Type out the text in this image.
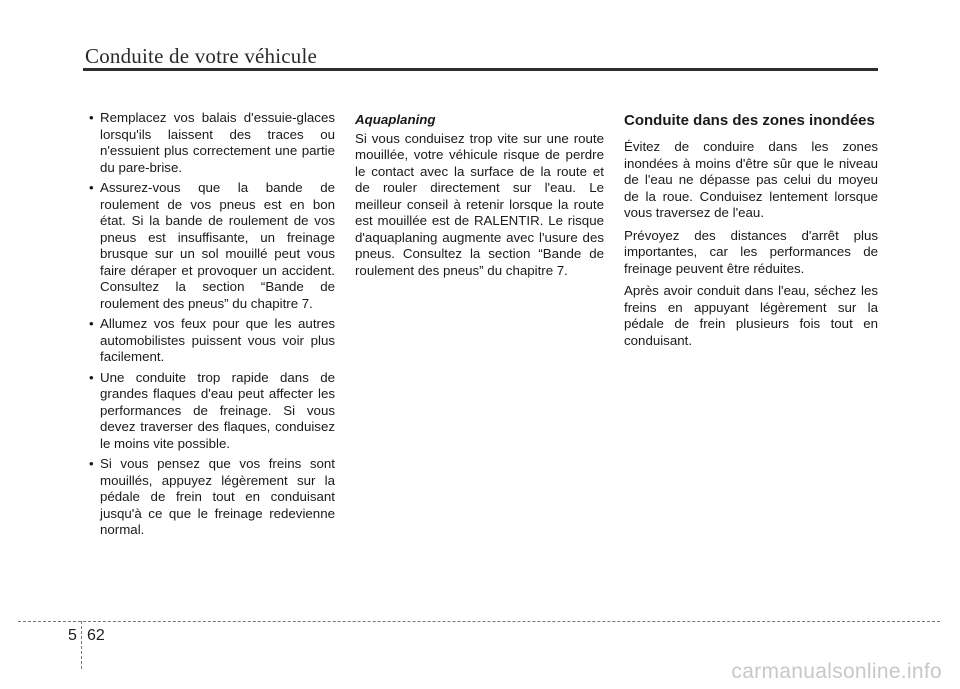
Conduite de votre véhicule
• Remplacez vos balais d'essuie-glaces lorsqu'ils laissent des traces ou n'essuient plus correctement une partie du pare-brise.
• Assurez-vous que la bande de roulement de vos pneus est en bon état. Si la bande de roulement de vos pneus est insuffisante, un freinage brusque sur un sol mouillé peut vous faire déraper et provoquer un accident. Consultez la section “Bande de roulement des pneus” du chapitre 7.
• Allumez vos feux pour que les autres automobilistes puissent vous voir plus facilement.
• Une conduite trop rapide dans de grandes flaques d'eau peut affecter les performances de freinage. Si vous devez traverser des flaques, conduisez le moins vite possible.
• Si vous pensez que vos freins sont mouillés, appuyez légèrement sur la pédale de frein tout en conduisant jusqu'à ce que le freinage redevienne normal.
Aquaplaning

Si vous conduisez trop vite sur une route mouillée, votre véhicule risque de perdre le contact avec la surface de la route et de rouler directement sur l'eau. Le meilleur conseil à retenir lorsque la route est mouillée est de RALENTIR. Le risque d'aquaplaning augmente avec l'usure des pneus. Consultez la section “Bande de roulement des pneus” du chapitre 7.

Conduite dans des zones inondées

Évitez de conduire dans les zones inondées à moins d'être sûr que le niveau de l'eau ne dépasse pas celui du moyeu de la roue. Conduisez lentement lorsque vous traversez de l'eau.

Prévoyez des distances d'arrêt plus importantes, car les performances de freinage peuvent être réduites.

Après avoir conduit dans l'eau, séchez les freins en appuyant légèrement sur la pédale de frein plusieurs fois tout en conduisant.

5 62
carmanualsonline.info
